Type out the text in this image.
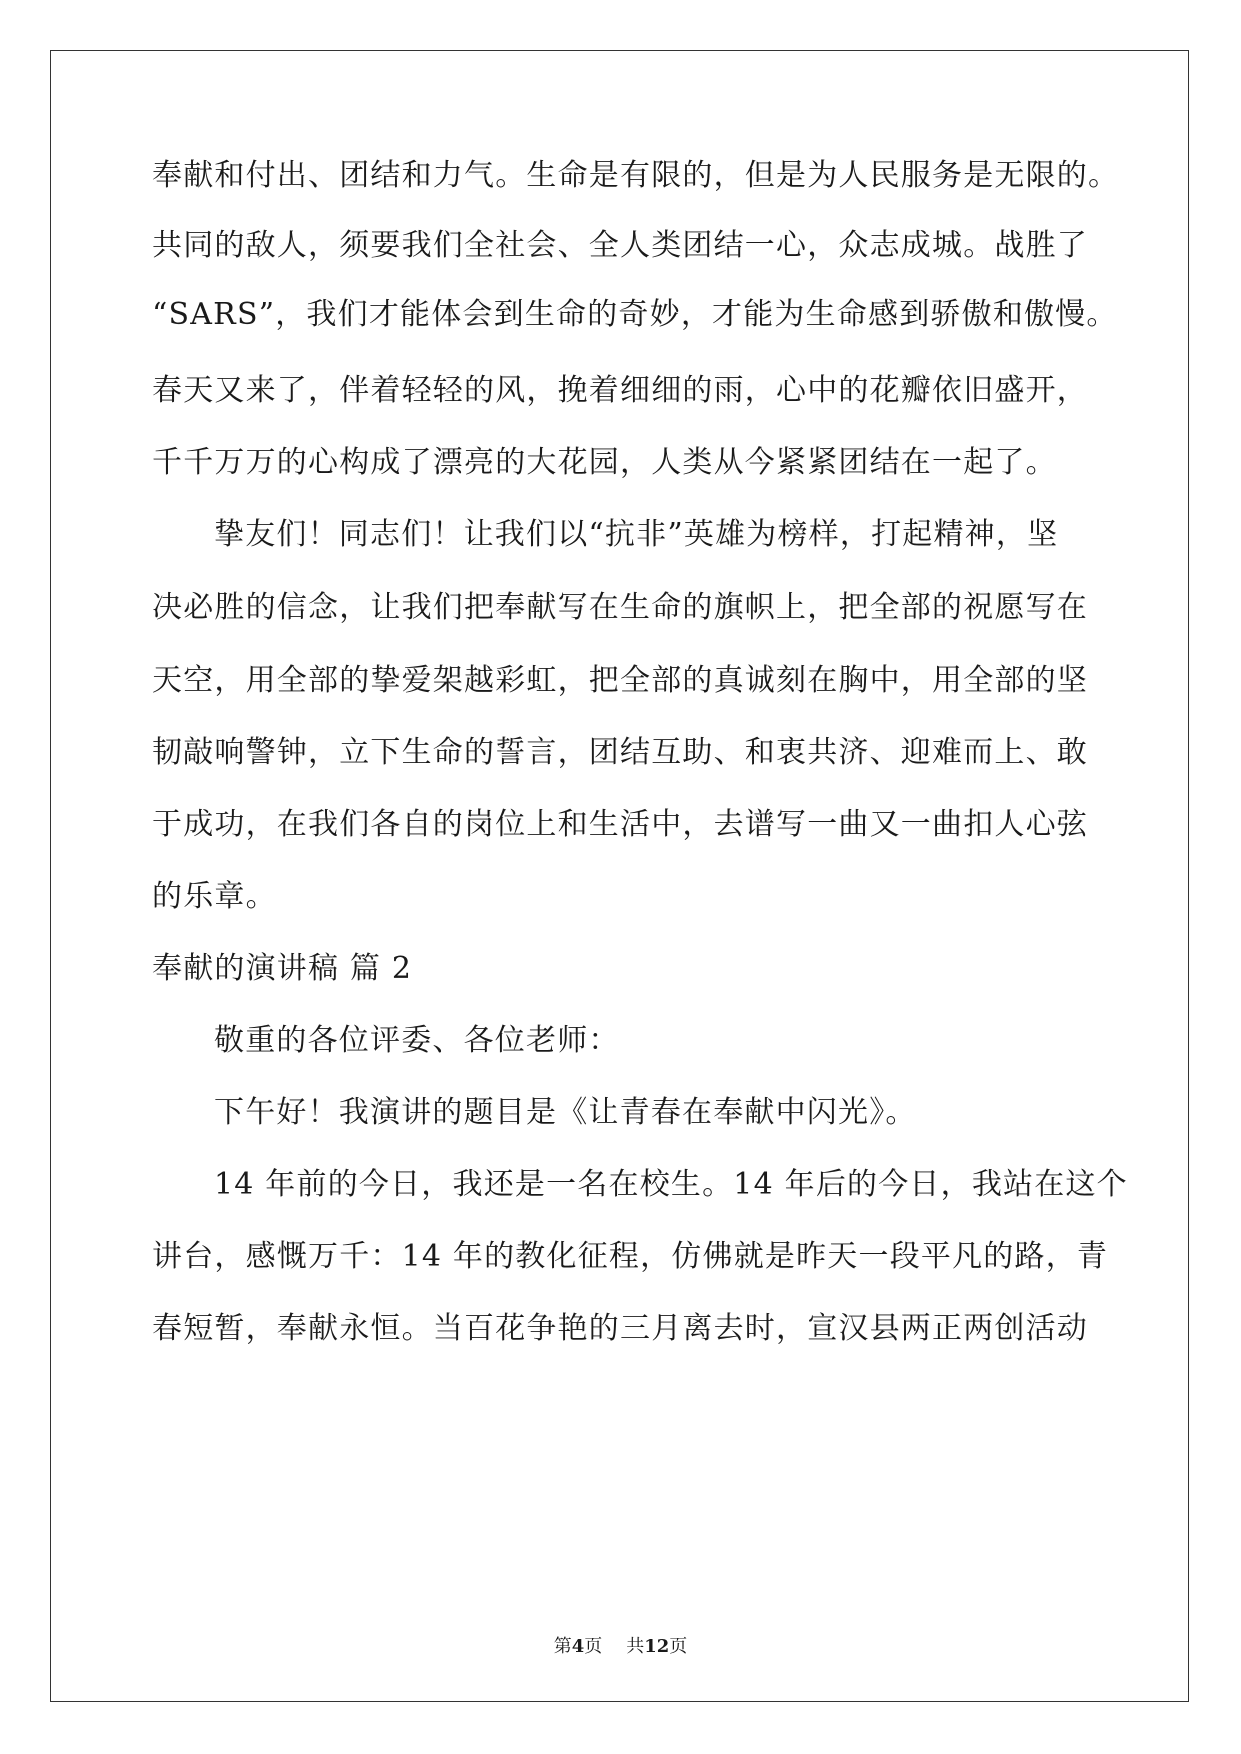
奉献和付出、团结和力气。生命是有限的，但是为人民服务是无限的。
共同的敌人，须要我们全社会、全人类团结一心，众志成城。战胜了
“SARS”，我们才能体会到生命的奇妙，才能为生命感到骄傲和傲慢。
春天又来了，伴着轻轻的风，挽着细细的雨，心中的花瓣依旧盛开，
千千万万的心构成了漂亮的大花园，人类从今紧紧团结在一起了。
挚友们！同志们！让我们以“抗非”英雄为榜样，打起精神，坚
决必胜的信念，让我们把奉献写在生命的旗帜上，把全部的祝愿写在
天空，用全部的挚爱架越彩虹，把全部的真诚刻在胸中，用全部的坚
韧敲响警钟，立下生命的誓言，团结互助、和衷共济、迎难而上、敢
于成功，在我们各自的岗位上和生活中，去谱写一曲又一曲扣人心弦
的乐章。
奉献的演讲稿 篇 2
敬重的各位评委、各位老师：
下午好！我演讲的题目是《让青春在奉献中闪光》。
14 年前的今日，我还是一名在校生。14 年后的今日，我站在这个
讲台，感慨万千：14 年的教化征程，仿佛就是昨天一段平凡的路，青
春短暂，奉献永恒。当百花争艳的三月离去时，宣汉县两正两创活动
第4页 共12页
